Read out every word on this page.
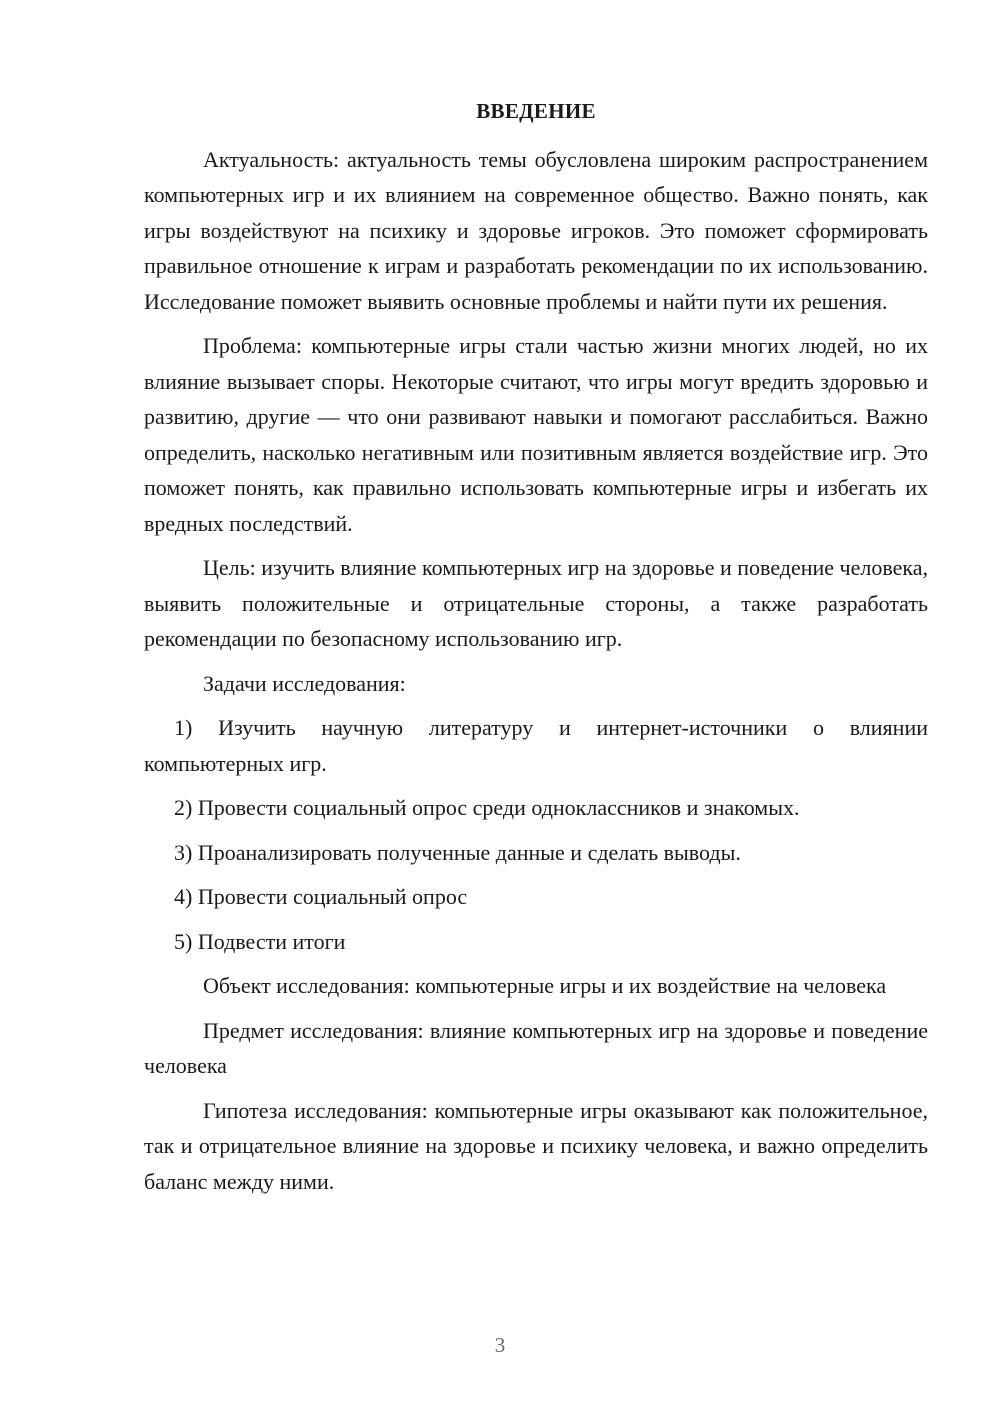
ВВЕДЕНИЕ

Актуальность: актуальность темы обусловлена широким распространением компьютерных игр и их влиянием на современное общество. Важно понять, как игры воздействуют на психику и здоровье игроков. Это поможет сформировать правильное отношение к играм и разработать рекомендации по их использованию. Исследование поможет выявить основные проблемы и найти пути их решения.

Проблема: компьютерные игры стали частью жизни многих людей, но их влияние вызывает споры. Некоторые считают, что игры могут вредить здоровью и развитию, другие — что они развивают навыки и помогают расслабиться. Важно определить, насколько негативным или позитивным является воздействие игр. Это поможет понять, как правильно использовать компьютерные игры и избегать их вредных последствий.

Цель: изучить влияние компьютерных игр на здоровье и поведение человека, выявить положительные и отрицательные стороны, а также разработать рекомендации по безопасному использованию игр.

Задачи исследования:

1) Изучить научную литературу и интернет-источники о влиянии компьютерных игр.

2) Провести социальный опрос среди одноклассников и знакомых.

3) Проанализировать полученные данные и сделать выводы.

4) Провести социальный опрос

5) Подвести итоги

Объект исследования: компьютерные игры и их воздействие на человека

Предмет исследования: влияние компьютерных игр на здоровье и поведение человека

Гипотеза исследования: компьютерные игры оказывают как положительное, так и отрицательное влияние на здоровье и психику человека, и важно определить баланс между ними.

3
